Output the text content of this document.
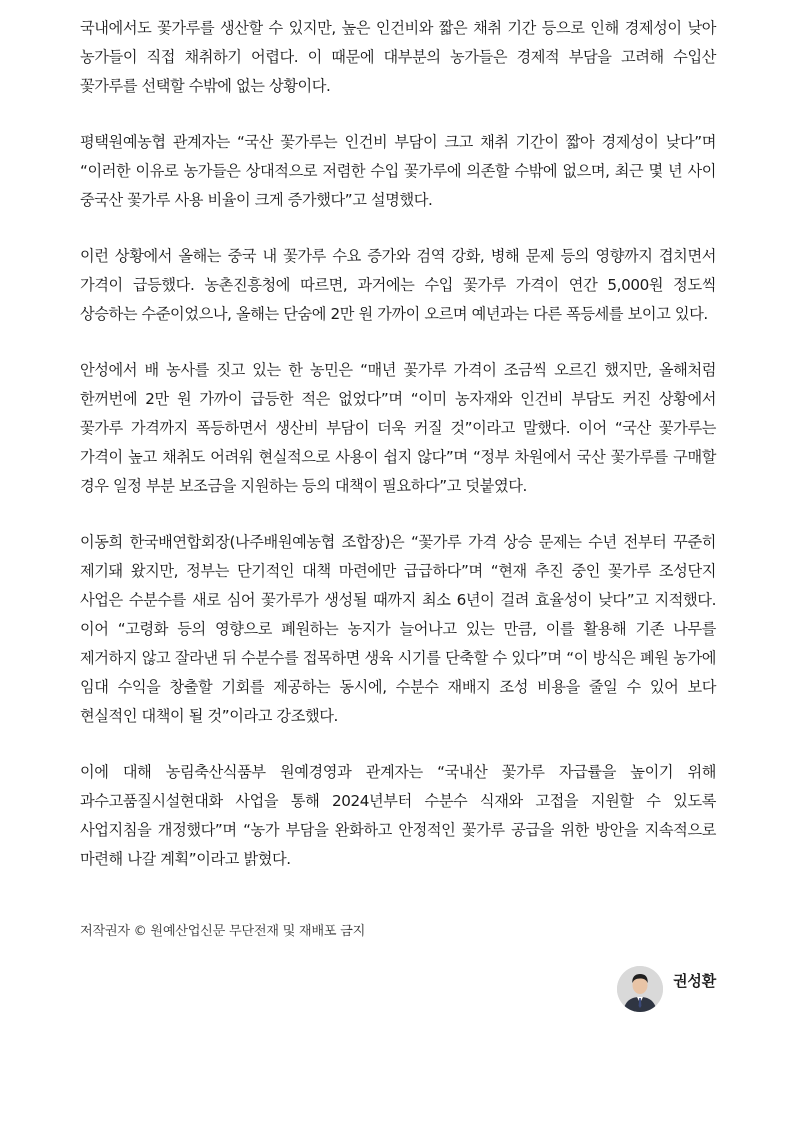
국내에서도 꽃가루를 생산할 수 있지만, 높은 인건비와 짧은 채취 기간 등으로 인해 경제성이 낮아 농가들이 직접 채취하기 어렵다. 이 때문에 대부분의 농가들은 경제적 부담을 고려해 수입산 꽃가루를 선택할 수밖에 없는 상황이다.

평택원예농협 관계자는 “국산 꽃가루는 인건비 부담이 크고 채취 기간이 짧아 경제성이 낮다”며 “이러한 이유로 농가들은 상대적으로 저렴한 수입 꽃가루에 의존할 수밖에 없으며, 최근 몇 년 사이 중국산 꽃가루 사용 비율이 크게 증가했다”고 설명했다.

이런 상황에서 올해는 중국 내 꽃가루 수요 증가와 검역 강화, 병해 문제 등의 영향까지 겹치면서 가격이 급등했다. 농촌진흥청에 따르면, 과거에는 수입 꽃가루 가격이 연간 5,000원 정도씩 상승하는 수준이었으나, 올해는 단숨에 2만 원 가까이 오르며 예년과는 다른 폭등세를 보이고 있다.

안성에서 배 농사를 짓고 있는 한 농민은 “매년 꽃가루 가격이 조금씩 오르긴 했지만, 올해처럼 한꺼번에 2만 원 가까이 급등한 적은 없었다”며 “이미 농자재와 인건비 부담도 커진 상황에서 꽃가루 가격까지 폭등하면서 생산비 부담이 더욱 커질 것”이라고 말했다. 이어 “국산 꽃가루는 가격이 높고 채취도 어려워 현실적으로 사용이 쉽지 않다”며 “정부 차원에서 국산 꽃가루를 구매할 경우 일정 부분 보조금을 지원하는 등의 대책이 필요하다”고 덧붙였다.

이동희 한국배연합회장(나주배원예농협 조합장)은 “꽃가루 가격 상승 문제는 수년 전부터 꾸준히 제기돼 왔지만, 정부는 단기적인 대책 마련에만 급급하다”며 “현재 추진 중인 꽃가루 조성단지 사업은 수분수를 새로 심어 꽃가루가 생성될 때까지 최소 6년이 걸려 효율성이 낮다”고 지적했다. 이어 “고령화 등의 영향으로 폐원하는 농지가 늘어나고 있는 만큼, 이를 활용해 기존 나무를 제거하지 않고 잘라낸 뒤 수분수를 접목하면 생육 시기를 단축할 수 있다”며 “이 방식은 폐원 농가에 임대 수익을 창출할 기회를 제공하는 동시에, 수분수 재배지 조성 비용을 줄일 수 있어 보다 현실적인 대책이 될 것”이라고 강조했다.

이에 대해 농림축산식품부 원예경영과 관계자는 “국내산 꽃가루 자급률을 높이기 위해 과수고품질시설현대화 사업을 통해 2024년부터 수분수 식재와 고접을 지원할 수 있도록 사업지침을 개정했다”며 “농가 부담을 완화하고 안정적인 꽃가루 공급을 위한 방안을 지속적으로 마련해 나갈 계획”이라고 밝혔다.

저작권자 © 원예산업신문 무단전재 및 재배포 금지
권성환
